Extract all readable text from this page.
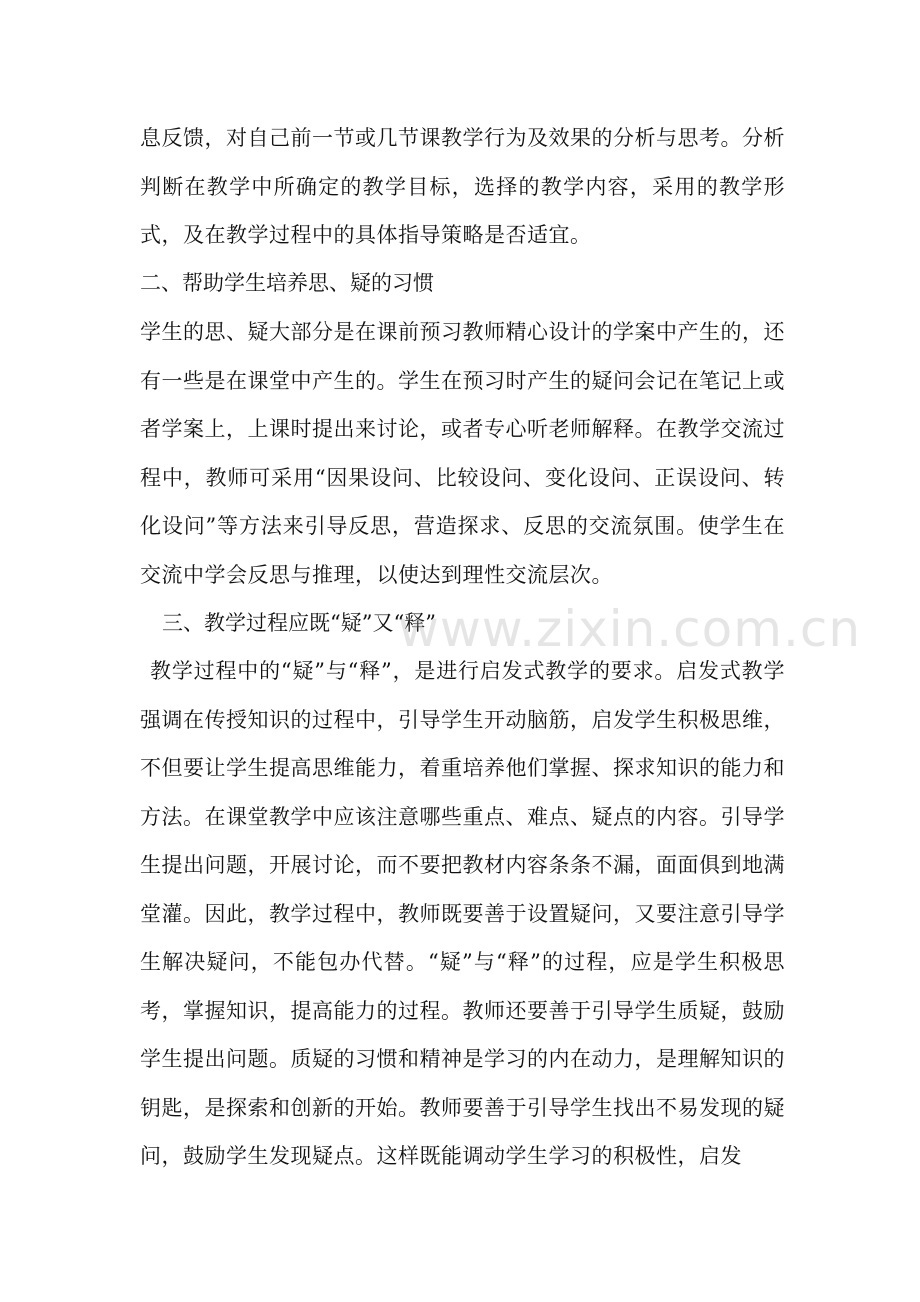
息反馈，对自己前一节或几节课教学行为及效果的分析与思考。分析判断在教学中所确定的教学目标，选择的教学内容，采用的教学形式，及在教学过程中的具体指导策略是否适宜。

二、帮助学生培养思、疑的习惯

学生的思、疑大部分是在课前预习教师精心设计的学案中产生的，还有一些是在课堂中产生的。学生在预习时产生的疑问会记在笔记上或者学案上，上课时提出来讨论，或者专心听老师解释。在教学交流过程中，教师可采用“因果设问、比较设问、变化设问、正误设问、转化设问”等方法来引导反思，营造探求、反思的交流氛围。使学生在交流中学会反思与推理，以使达到理性交流层次。

三、教学过程应既“疑”又“释”

教学过程中的“疑”与“释”，是进行启发式教学的要求。启发式教学强调在传授知识的过程中，引导学生开动脑筋，启发学生积极思维，不但要让学生提高思维能力，着重培养他们掌握、探求知识的能力和方法。在课堂教学中应该注意哪些重点、难点、疑点的内容。引导学生提出问题，开展讨论，而不要把教材内容条条不漏，面面俱到地满堂灌。因此，教学过程中，教师既要善于设置疑问，又要注意引导学生解决疑问，不能包办代替。“疑”与“释”的过程，应是学生积极思考，掌握知识，提高能力的过程。教师还要善于引导学生质疑，鼓励学生提出问题。质疑的习惯和精神是学习的内在动力，是理解知识的钥匙，是探索和创新的开始。教师要善于引导学生找出不易发现的疑问，鼓励学生发现疑点。这样既能调动学生学习的积极性，启发

www.zixin.com.cn
